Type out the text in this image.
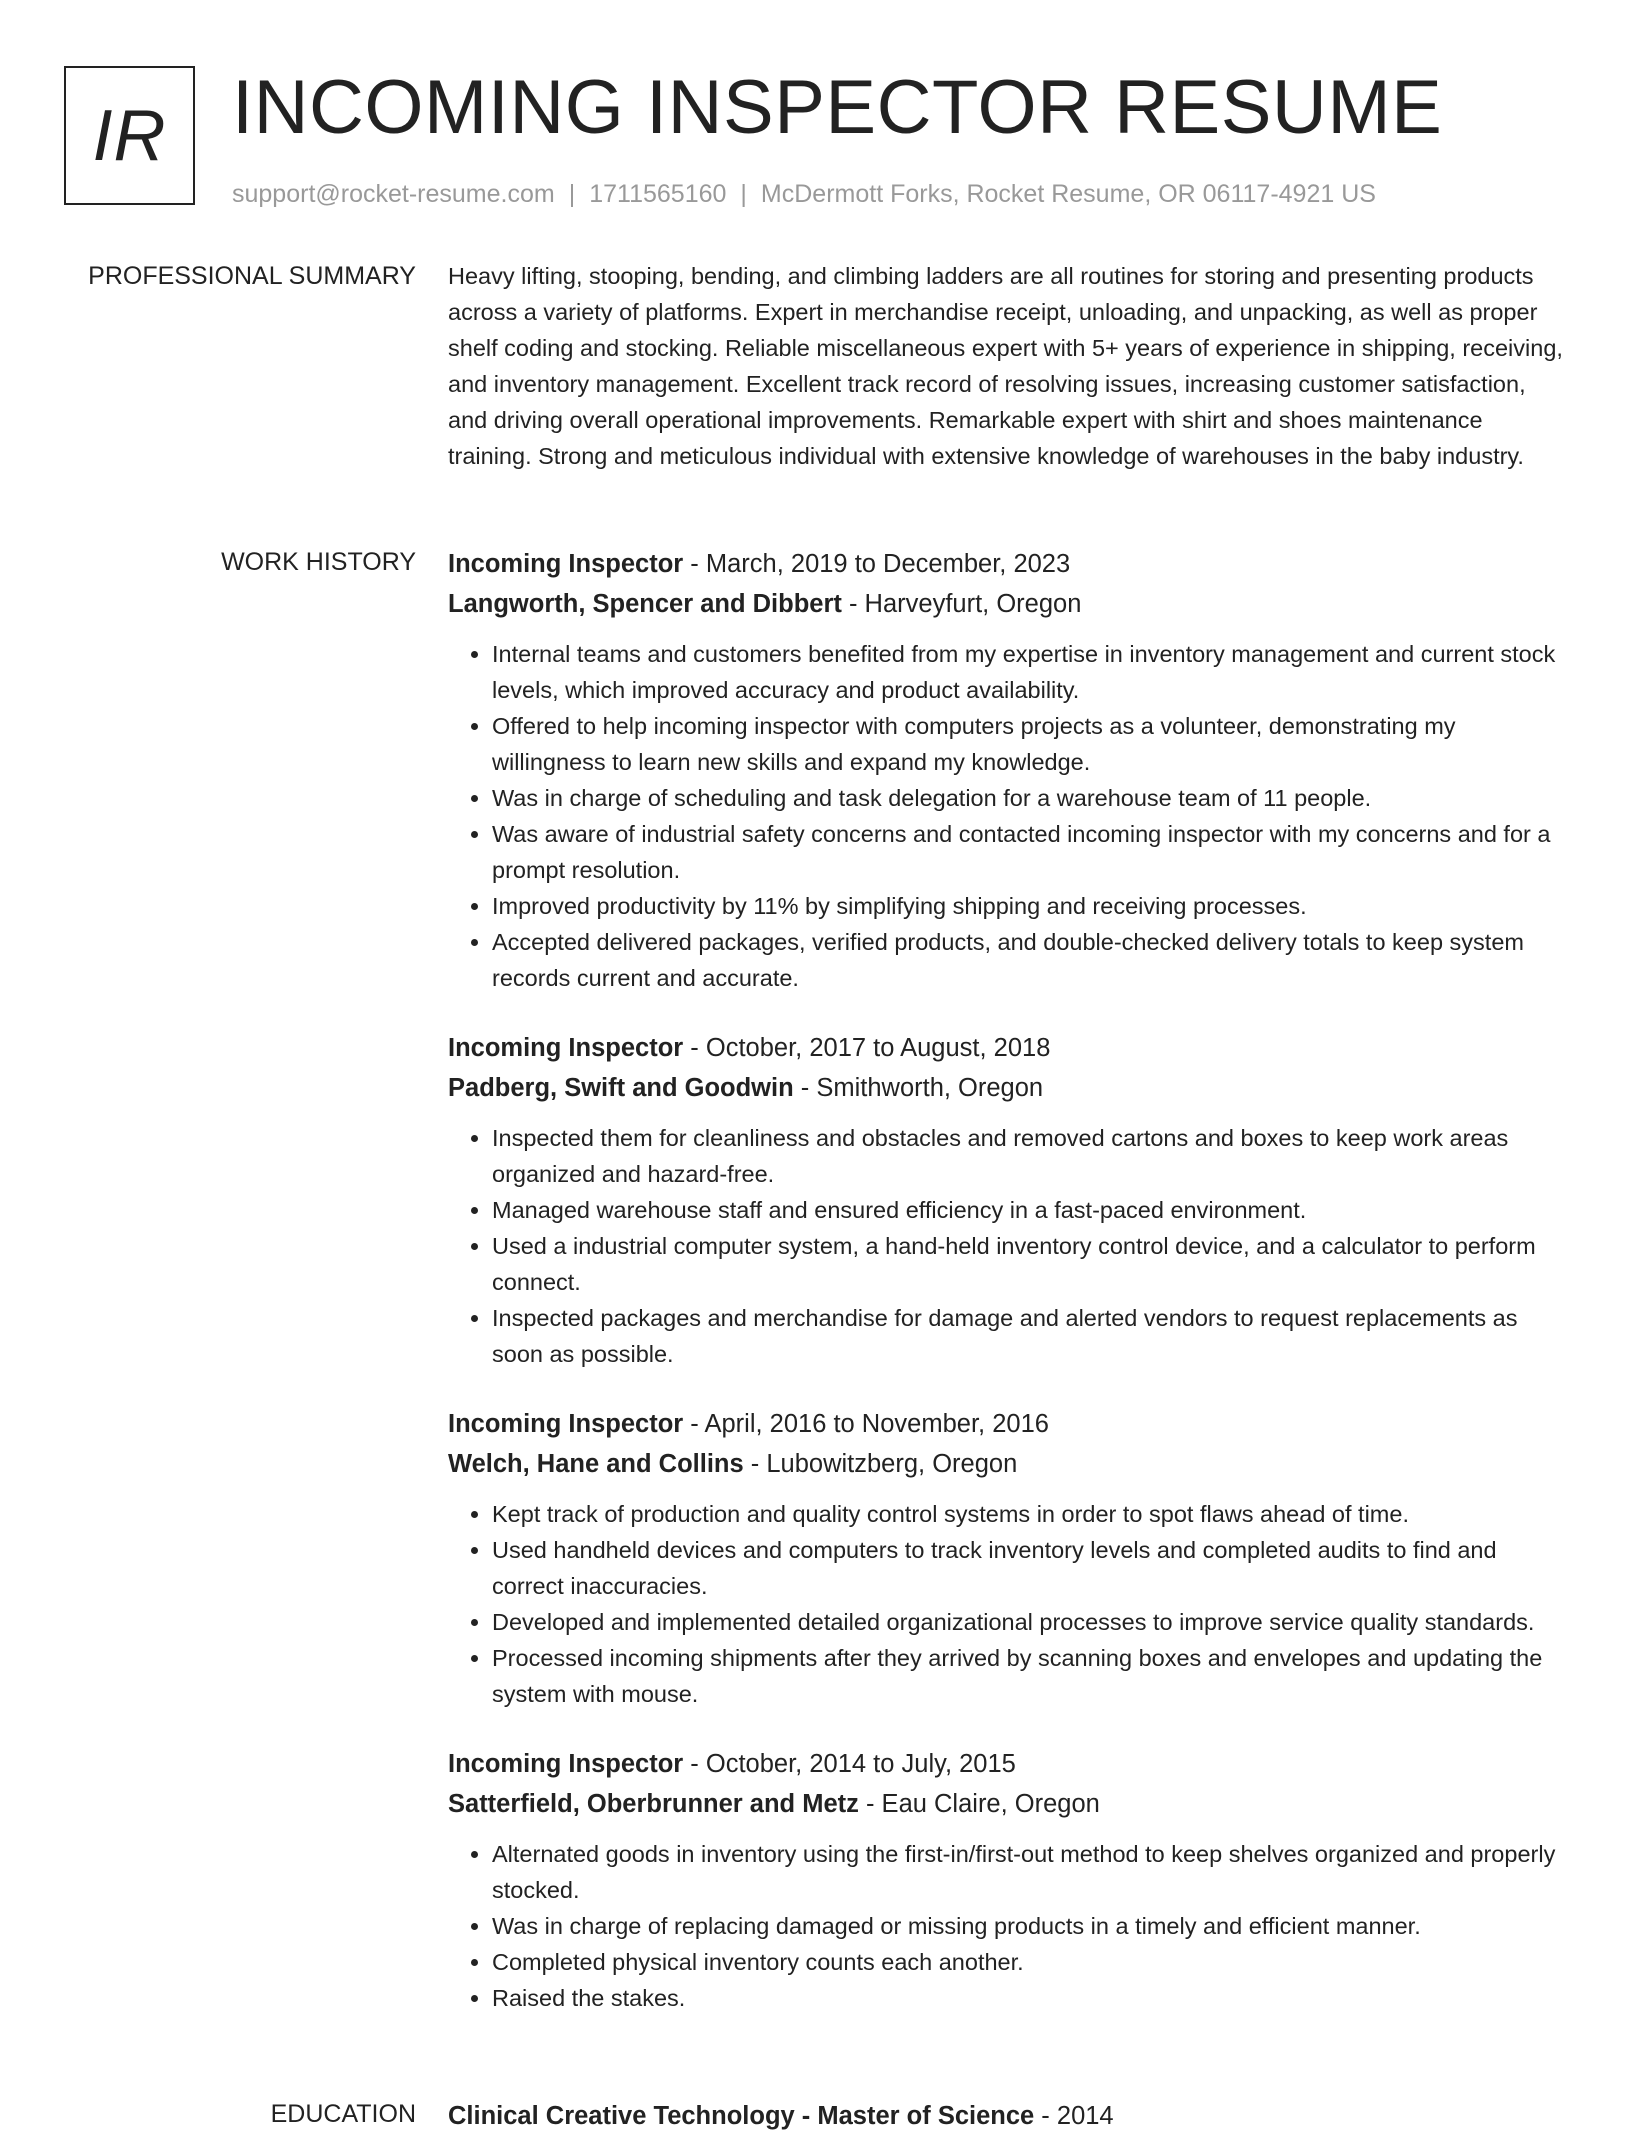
IR INCOMING INSPECTOR RESUME
support@rocket-resume.com | 1711565160 | McDermott Forks, Rocket Resume, OR 06117-4921 US
PROFESSIONAL SUMMARY Heavy lifting, stooping, bending, and climbing ladders are all routines for storing and presenting products across a variety of platforms. Expert in merchandise receipt, unloading, and unpacking, as well as proper shelf coding and stocking. Reliable miscellaneous expert with 5+ years of experience in shipping, receiving, and inventory management. Excellent track record of resolving issues, increasing customer satisfaction, and driving overall operational improvements. Remarkable expert with shirt and shoes maintenance training. Strong and meticulous individual with extensive knowledge of warehouses in the baby industry.

WORK HISTORY Incoming Inspector - March, 2019 to December, 2023
Langworth, Spencer and Dibbert - Harveyfurt, Oregon
• Internal teams and customers benefited from my expertise in inventory management and current stock levels, which improved accuracy and product availability.
• Offered to help incoming inspector with computers projects as a volunteer, demonstrating my willingness to learn new skills and expand my knowledge.
• Was in charge of scheduling and task delegation for a warehouse team of 11 people.
• Was aware of industrial safety concerns and contacted incoming inspector with my concerns and for a prompt resolution.
• Improved productivity by 11% by simplifying shipping and receiving processes.
• Accepted delivered packages, verified products, and double-checked delivery totals to keep system records current and accurate.
Incoming Inspector - October, 2017 to August, 2018
Padberg, Swift and Goodwin - Smithworth, Oregon
• Inspected them for cleanliness and obstacles and removed cartons and boxes to keep work areas organized and hazard-free.
• Managed warehouse staff and ensured efficiency in a fast-paced environment.
• Used a industrial computer system, a hand-held inventory control device, and a calculator to perform connect.
• Inspected packages and merchandise for damage and alerted vendors to request replacements as soon as possible.
Incoming Inspector - April, 2016 to November, 2016
Welch, Hane and Collins - Lubowitzberg, Oregon
• Kept track of production and quality control systems in order to spot flaws ahead of time.
• Used handheld devices and computers to track inventory levels and completed audits to find and correct inaccuracies.
• Developed and implemented detailed organizational processes to improve service quality standards.
• Processed incoming shipments after they arrived by scanning boxes and envelopes and updating the system with mouse.
Incoming Inspector - October, 2014 to July, 2015
Satterfield, Oberbrunner and Metz - Eau Claire, Oregon
• Alternated goods in inventory using the first-in/first-out method to keep shelves organized and properly stocked.
• Was in charge of replacing damaged or missing products in a timely and efficient manner.
• Completed physical inventory counts each another.
• Raised the stakes.
EDUCATION Clinical Creative Technology - Master of Science - 2014
